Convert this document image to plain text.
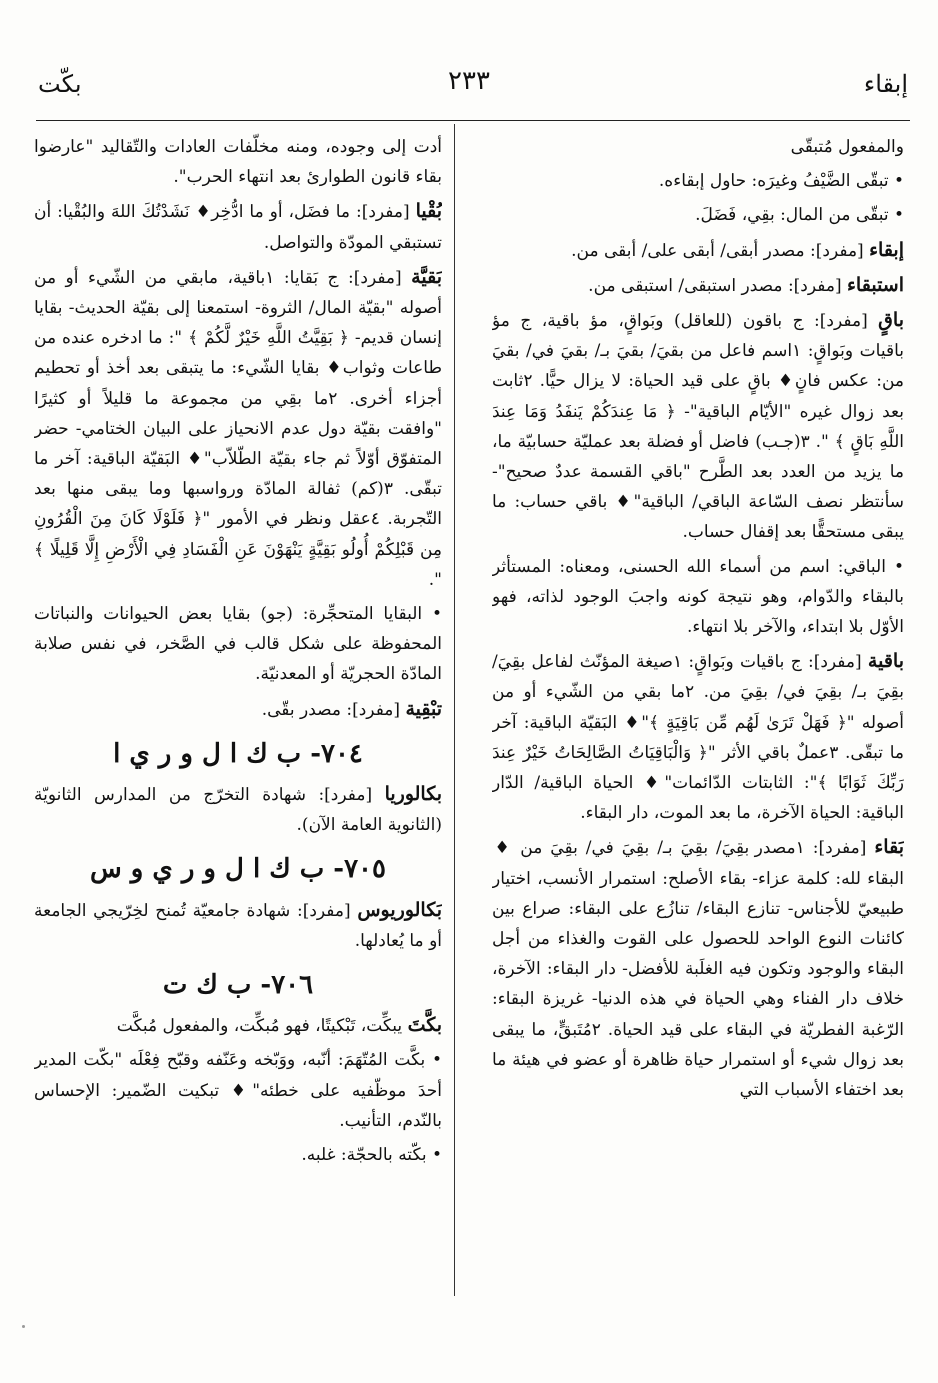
إبقاء
٢٣٣
بكّت

والمفعول مُتبقّى

• تبقّى الضَّيْفُ وغيرَه: حاول إبقاءه.

• تبقّى من المال: بقِي، فَضَلَ.

إبقاء [مفرد]: مصدر أبقى/ أبقى على/ أبقى من.

استبقاء [مفرد]: مصدر استبقى/ استبقى من.

باقٍ [مفرد]: ج باقون (للعاقل) وبَواقٍ، مؤ باقية، ج مؤ باقيات وبَواقٍ: ١اسم فاعل من بقيَ/ بقيَ بـ/ بقيَ في/ بقيَ من: عكس فانٍ♦ باقٍ على قيد الحياة: لا يزال حيًّا. ٢ثابت بعد زوال غيره "الأيّام الباقية"- ﴿ مَا عِندَكُمْ يَنفَدُ وَمَا عِندَ اللَّهِ بَاقٍ ﴾ ". ٣(جـب) فاضل أو فضلة بعد عمليّة حسابيّة ما، ما يزيد من العدد بعد الطَّرح "باقي القسمة عددٌ صحيح"- سأنتظر نصف السّاعة الباقي/ الباقية"♦ باقي حساب: ما يبقى مستحقًّا بعد إقفال حساب.

• الباقي: اسم من أسماء الله الحسنى، ومعناه: المستأثر بالبقاء والدّوام، وهو نتيجة كونه واجبَ الوجود لذاته، فهو الأوّل بلا ابتداء، والآخر بلا انتهاء.

باقية [مفرد]: ج باقيات وبَواقٍ: ١صيغة المؤنّث لفاعل بقِيَ/ بقِيَ بـ/ بقِيَ في/ بقِيَ من. ٢ما بقي من الشّيء أو من أصوله "﴿ فَهَلْ تَرَىٰ لَهُم مِّن بَاقِيَةٍ ﴾"♦ البَقيّة الباقية: آخر ما تبقّى. ٣عملٌ باقي الأثر "﴿ وَالْبَاقِيَاتُ الصَّالِحَاتُ خَيْرٌ عِندَ رَبِّكَ ثَوَابًا ﴾": الثابتات الدّائمات"♦ الحياة الباقية/ الدّار الباقية: الحياة الآخرة، ما بعد الموت، دار البقاء.

بَقاء [مفرد]: ١مصدر بقِيَ/ بقِيَ بـ/ بقِيَ في/ بقِيَ من ♦ البقاء لله: كلمة عزاء- بقاء الأصلح: استمرار الأنسب، اختيار طبيعيّ للأجناس- تنازع البقاء/ تنازُع على البقاء: صراع بين كائنات النوع الواحد للحصول على القوت والغذاء من أجل البقاء والوجود وتكون فيه الغلَبة للأفضل- دار البقاء: الآخرة، خلاف دار الفناء وهي الحياة في هذه الدنيا- غريزة البقاء: الرّغبة الفطريّة في البقاء على قيد الحياة. ٢مُتَبقٍّ، ما يبقى بعد زوال شيء أو استمرار حياة ظاهرة أو عضو في هيئة ما بعد اختفاء الأسباب التي

أدت إلى وجوده، ومنه مخلّفات العادات والتّقاليد "عارضوا بقاء قانون الطوارئ بعد انتهاء الحرب".

بُقْيا [مفرد]: ما فضَل، أو ما ادُّخِر♦ نَشَدْتُكَ اللهَ والبُقْيا: أن تستبقي المودّة والتواصل.

بَقيَّة [مفرد]: ج بَقايا: ١باقية، مابقي من الشّيء أو من أصوله "بقيّة المال/ الثروة- استمعنا إلى بقيّة الحديث- بقايا إنسان قديم- ﴿ بَقِيَّتُ اللَّهِ خَيْرٌ لَّكُمْ ﴾ ": ما ادخره عنده من طاعات وثواب♦ بقايا الشّيء: ما يتبقى بعد أخذ أو تحطيم أجزاء أخرى. ٢ما بقِي من مجموعة ما قليلاً أو كثيرًا "وافقت بقيّة دول عدم الانحياز على البيان الختامي- حضر المتفوّق أوّلاً ثم جاء بقيّة الطّلاّب"♦ البَقيّة الباقية: آخر ما تبقّى. ٣(كم) ثفالة المادّة ورواسبها وما يبقى منها بعد التّجربة. ٤عقل ونظر في الأمور "﴿ فَلَوْلَا كَانَ مِنَ الْقُرُونِ مِن قَبْلِكُمْ أُولُو بَقِيَّةٍ يَنْهَوْنَ عَنِ الْفَسَادِ فِي الْأَرْضِ إِلَّا قَلِيلًا ﴾ ".

• البقايا المتحجِّرة: (جو) بقايا بعض الحيوانات والنباتات المحفوظة على شكل قالب في الصَّخر، في نفس صلابة المادّة الحجريّة أو المعدنيّة.

تبْقِية [مفرد]: مصدر بقّى.

٧٠٤- ب ك ا ل و ر ي ا

بكالوريا [مفرد]: شهادة التخرّج من المدارس الثانويّة (الثانوية العامة الآن).

٧٠٥- ب ك ا ل و ر ي و س

بَكالوريوس [مفرد]: شهادة جامعيّة تُمنح لخِرّيجي الجامعة أو ما يُعادلها.

٧٠٦- ب ك ت

بكَّتَ يبكِّت، تَبْكيتًا، فهو مُبكِّت، والمفعول مُبكَّت

• بكَّت المُتّهَمَ: أنّبه، ووَبّخه وعَنّفه وقبّح فِعْلَه "بكّت المدير أحدَ موظّفيه على خطئه"♦ تبكيت الضّمير: الإحساس بالنّدم، التأنيب.

• بكّته بالحجّة: غلبه.
